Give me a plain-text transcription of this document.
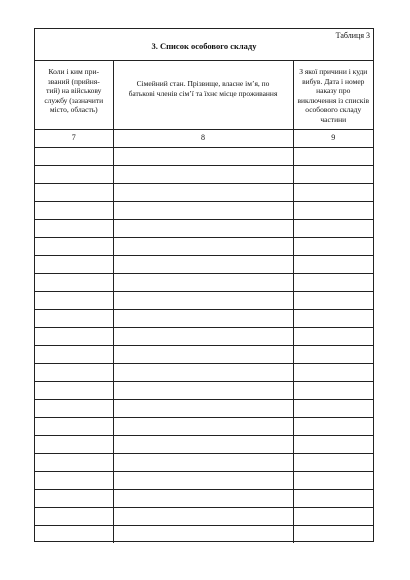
Таблиця 3
3. Список особового складу
Коли і ким при-званий (прийня-тий) на військову службу (зазначити місто, область)	Сімейний стан. Прізвище, власне ім’я, по батькові членів сім’ї та їхнє місце проживання	З якої причини і куди вибув. Дата і номер наказу про виключення із списків особового складу частини

7	8	9
